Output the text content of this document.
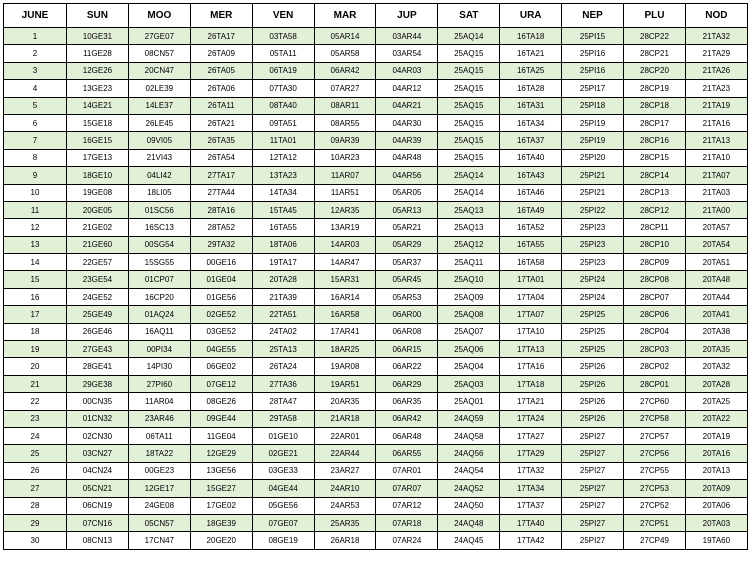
JUNE	SUN	MOO	MER	VEN	MAR	JUP	SAT	URA	NEP	PLU	NOD
1	10GE31	27GE07	26TA17	03TA58	05AR14	03AR44	25AQ14	16TA18	25PI15	28CP22	21TA32
2	11GE28	08CN57	26TA09	05TA11	05AR58	03AR54	25AQ15	16TA21	25PI16	28CP21	21TA29
3	12GE26	20CN47	26TA05	06TA19	06AR42	04AR03	25AQ15	16TA25	25PI16	28CP20	21TA26
4	13GE23	02LE39	26TA06	07TA30	07AR27	04AR12	25AQ15	16TA28	25PI17	28CP19	21TA23
5	14GE21	14LE37	26TA11	08TA40	08AR11	04AR21	25AQ15	16TA31	25PI18	28CP18	21TA19
6	15GE18	26LE45	26TA21	09TA51	08AR55	04AR30	25AQ15	16TA34	25PI19	28CP17	21TA16
7	16GE15	09VI05	26TA35	11TA01	09AR39	04AR39	25AQ15	16TA37	25PI19	28CP16	21TA13
8	17GE13	21VI43	26TA54	12TA12	10AR23	04AR48	25AQ15	16TA40	25PI20	28CP15	21TA10
9	18GE10	04LI42	27TA17	13TA23	11AR07	04AR56	25AQ14	16TA43	25PI21	28CP14	21TA07
10	19GE08	18LI05	27TA44	14TA34	11AR51	05AR05	25AQ14	16TA46	25PI21	28CP13	21TA03
11	20GE05	01SC56	28TA16	15TA45	12AR35	05AR13	25AQ13	16TA49	25PI22	28CP12	21TA00
12	21GE02	16SC13	28TA52	16TA55	13AR19	05AR21	25AQ13	16TA52	25PI23	28CP11	20TA57
13	21GE60	00SG54	29TA32	18TA06	14AR03	05AR29	25AQ12	16TA55	25PI23	28CP10	20TA54
14	22GE57	15SG55	00GE16	19TA17	14AR47	05AR37	25AQ11	16TA58	25PI23	28CP09	20TA51
15	23GE54	01CP07	01GE04	20TA28	15AR31	05AR45	25AQ10	17TA01	25PI24	28CP08	20TA48
16	24GE52	16CP20	01GE56	21TA39	16AR14	05AR53	25AQ09	17TA04	25PI24	28CP07	20TA44
17	25GE49	01AQ24	02GE52	22TA51	16AR58	06AR00	25AQ08	17TA07	25PI25	28CP06	20TA41
18	26GE46	16AQ11	03GE52	24TA02	17AR41	06AR08	25AQ07	17TA10	25PI25	28CP04	20TA38
19	27GE43	00PI34	04GE55	25TA13	18AR25	06AR15	25AQ06	17TA13	25PI25	28CP03	20TA35
20	28GE41	14PI30	06GE02	26TA24	19AR08	06AR22	25AQ04	17TA16	25PI26	28CP02	20TA32
21	29GE38	27PI60	07GE12	27TA36	19AR51	06AR29	25AQ03	17TA18	25PI26	28CP01	20TA28
22	00CN35	11AR04	08GE26	28TA47	20AR35	06AR35	25AQ01	17TA21	25PI26	27CP60	20TA25
23	01CN32	23AR46	09GE44	29TA58	21AR18	06AR42	24AQ59	17TA24	25PI26	27CP58	20TA22
24	02CN30	06TA11	11GE04	01GE10	22AR01	06AR48	24AQ58	17TA27	25PI27	27CP57	20TA19
25	03CN27	18TA22	12GE29	02GE21	22AR44	06AR55	24AQ56	17TA29	25PI27	27CP56	20TA16
26	04CN24	00GE23	13GE56	03GE33	23AR27	07AR01	24AQ54	17TA32	25PI27	27CP55	20TA13
27	05CN21	12GE17	15GE27	04GE44	24AR10	07AR07	24AQ52	17TA34	25PI27	27CP53	20TA09
28	06CN19	24GE08	17GE02	05GE56	24AR53	07AR12	24AQ50	17TA37	25PI27	27CP52	20TA06
29	07CN16	05CN57	18GE39	07GE07	25AR35	07AR18	24AQ48	17TA40	25PI27	27CP51	20TA03
30	08CN13	17CN47	20GE20	08GE19	26AR18	07AR24	24AQ45	17TA42	25PI27	27CP49	19TA60
